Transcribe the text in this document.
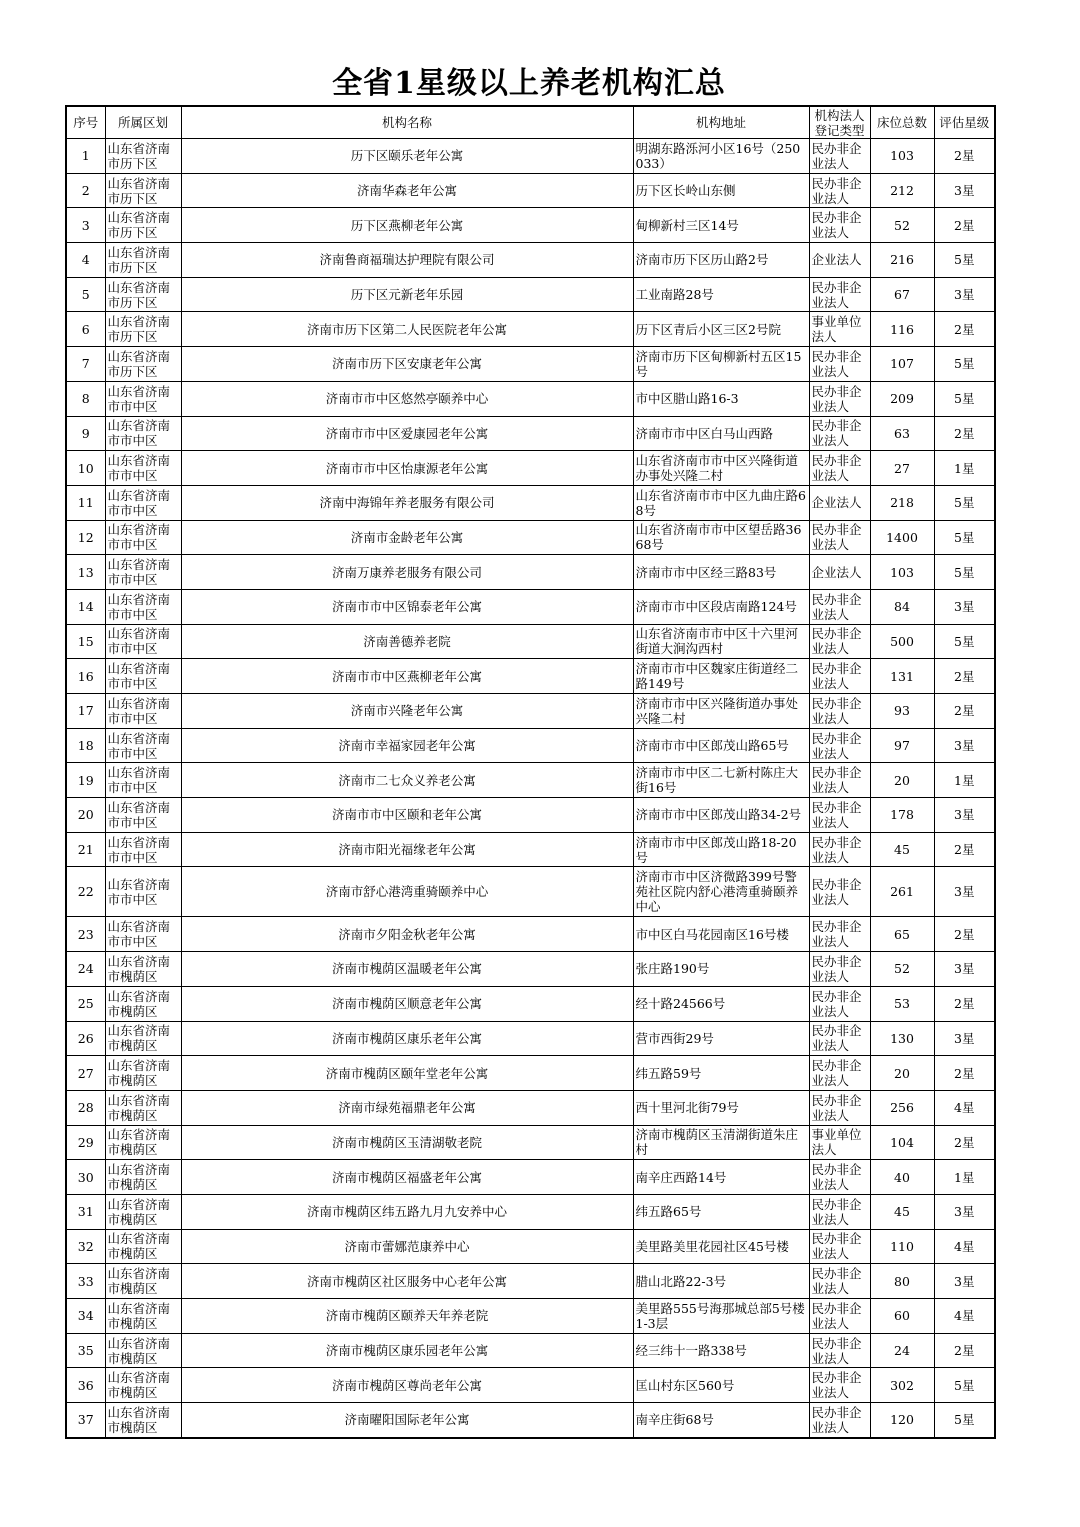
全省1星级以上养老机构汇总
序号	所属区划	机构名称	机构地址	机构法人登记类型	床位总数	评估星级

1	山东省济南市历下区	历下区颐乐老年公寓	明湖东路泺河小区16号（250033）	民办非企业法人	103	2星

2	山东省济南市历下区	济南华森老年公寓	历下区长岭山东侧	民办非企业法人	212	3星

3	山东省济南市历下区	历下区燕柳老年公寓	甸柳新村三区14号	民办非企业法人	52	2星

4	山东省济南市历下区	济南鲁商福瑞达护理院有限公司	济南市历下区历山路2号	企业法人	216	5星

5	山东省济南市历下区	历下区元新老年乐园	工业南路28号	民办非企业法人	67	3星

6	山东省济南市历下区	济南市历下区第二人民医院老年公寓	历下区青后小区三区2号院	事业单位法人	116	2星

7	山东省济南市历下区	济南市历下区安康老年公寓	济南市历下区甸柳新村五区15号	民办非企业法人	107	5星

8	山东省济南市市中区	济南市市中区悠然亭颐养中心	市中区腊山路16-3	民办非企业法人	209	5星

9	山东省济南市市中区	济南市市中区爱康园老年公寓	济南市市中区白马山西路	民办非企业法人	63	2星

10	山东省济南市市中区	济南市市中区怡康源老年公寓	山东省济南市市中区兴隆街道办事处兴隆二村	民办非企业法人	27	1星

11	山东省济南市市中区	济南中海锦年养老服务有限公司	山东省济南市市中区九曲庄路68号	企业法人	218	5星

12	山东省济南市市中区	济南市金龄老年公寓	山东省济南市市中区望岳路3668号	民办非企业法人	1400	5星

13	山东省济南市市中区	济南万康养老服务有限公司	济南市市中区经三路83号	企业法人	103	5星

14	山东省济南市市中区	济南市市中区锦泰老年公寓	济南市市中区段店南路124号	民办非企业法人	84	3星

15	山东省济南市市中区	济南善德养老院	山东省济南市市中区十六里河街道大涧沟西村	民办非企业法人	500	5星

16	山东省济南市市中区	济南市市中区燕柳老年公寓	济南市市中区魏家庄街道经二路149号	民办非企业法人	131	2星

17	山东省济南市市中区	济南市兴隆老年公寓	济南市市中区兴隆街道办事处兴隆二村	民办非企业法人	93	2星

18	山东省济南市市中区	济南市幸福家园老年公寓	济南市市中区郎茂山路65号	民办非企业法人	97	3星

19	山东省济南市市中区	济南市二七众义养老公寓	济南市市中区二七新村陈庄大街16号	民办非企业法人	20	1星

20	山东省济南市市中区	济南市市中区颐和老年公寓	济南市市中区郎茂山路34-2号	民办非企业法人	178	3星

21	山东省济南市市中区	济南市阳光福缘老年公寓	济南市市中区郎茂山路18-20号	民办非企业法人	45	2星

22	山东省济南市市中区	济南市舒心港湾重骑颐养中心	济南市市中区济微路399号警苑社区院内舒心港湾重骑颐养中心	民办非企业法人	261	3星

23	山东省济南市市中区	济南市夕阳金秋老年公寓	市中区白马花园南区16号楼	民办非企业法人	65	2星

24	山东省济南市槐荫区	济南市槐荫区温暖老年公寓	张庄路190号	民办非企业法人	52	3星

25	山东省济南市槐荫区	济南市槐荫区顺意老年公寓	经十路24566号	民办非企业法人	53	2星

26	山东省济南市槐荫区	济南市槐荫区康乐老年公寓	营市西街29号	民办非企业法人	130	3星

27	山东省济南市槐荫区	济南市槐荫区颐年堂老年公寓	纬五路59号	民办非企业法人	20	2星

28	山东省济南市槐荫区	济南市绿苑福鼎老年公寓	西十里河北街79号	民办非企业法人	256	4星

29	山东省济南市槐荫区	济南市槐荫区玉清湖敬老院	济南市槐荫区玉清湖街道朱庄村	事业单位法人	104	2星

30	山东省济南市槐荫区	济南市槐荫区福盛老年公寓	南辛庄西路14号	民办非企业法人	40	1星

31	山东省济南市槐荫区	济南市槐荫区纬五路九月九安养中心	纬五路65号	民办非企业法人	45	3星

32	山东省济南市槐荫区	济南市蕾娜范康养中心	美里路美里花园社区45号楼	民办非企业法人	110	4星

33	山东省济南市槐荫区	济南市槐荫区社区服务中心老年公寓	腊山北路22-3号	民办非企业法人	80	3星

34	山东省济南市槐荫区	济南市槐荫区颐养天年养老院	美里路555号海那城总部5号楼1-3层	民办非企业法人	60	4星

35	山东省济南市槐荫区	济南市槐荫区康乐园老年公寓	经三纬十一路338号	民办非企业法人	24	2星

36	山东省济南市槐荫区	济南市槐荫区尊尚老年公寓	匡山村东区560号	民办非企业法人	302	5星

37	山东省济南市槐荫区	济南曜阳国际老年公寓	南辛庄街68号	民办非企业法人	120	5星
